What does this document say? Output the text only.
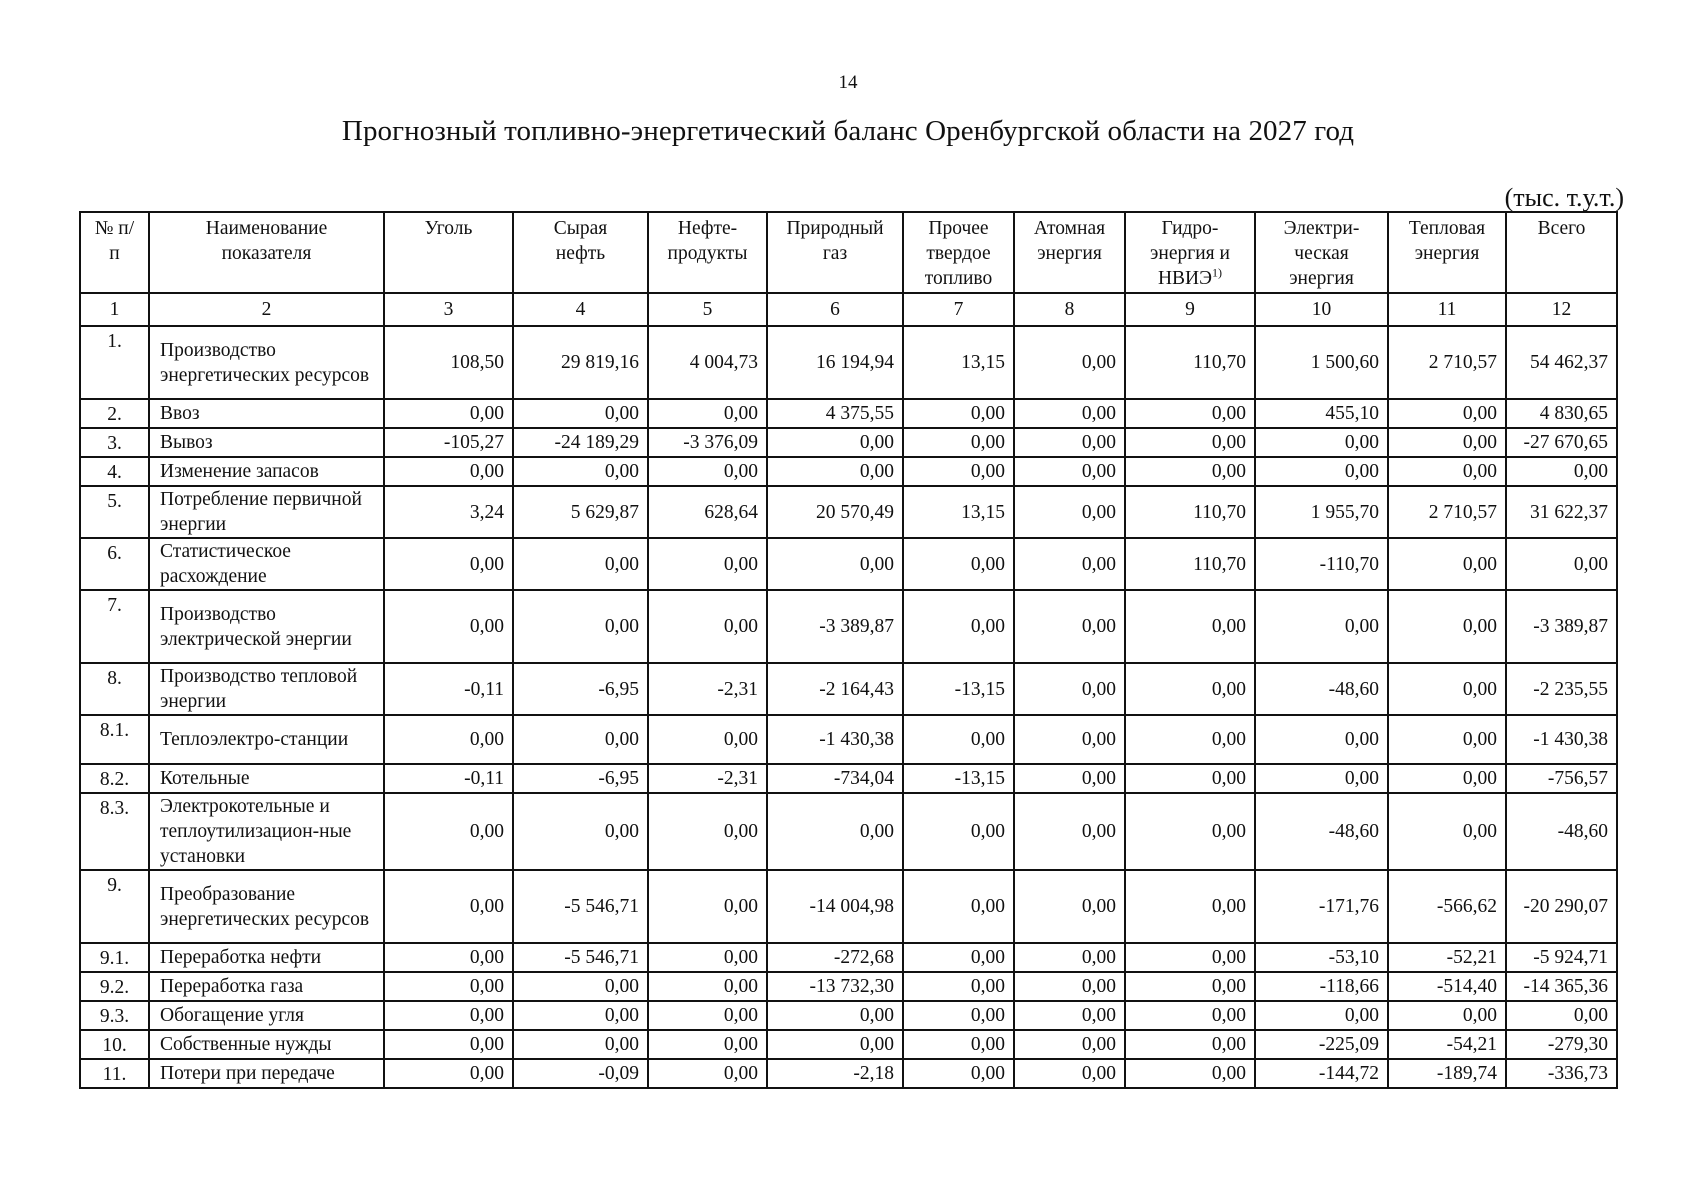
14
Прогнозный топливно-энергетический баланс Оренбургской области на 2027 год
(тыс. т.у.т.)
№ п/п	Наименование показателя	Уголь	Сырая нефть	Нефте-продукты	Природный газ	Прочее твердое топливо	Атомная энергия	Гидро-энергия и НВИЭ$^{1)}$	Электри-ческая энергия	Тепловая энергия	Всего
1	2	3	4	5	6	7	8	9	10	11	12
1.	Производство энергетических ресурсов	108,50	29 819,16	4 004,73	16 194,94	13,15	0,00	110,70	1 500,60	2 710,57	54 462,37
2.	Ввоз	0,00	0,00	0,00	4 375,55	0,00	0,00	0,00	455,10	0,00	4 830,65
3.	Вывоз	-105,27	-24 189,29	-3 376,09	0,00	0,00	0,00	0,00	0,00	0,00	-27 670,65
4.	Изменение запасов	0,00	0,00	0,00	0,00	0,00	0,00	0,00	0,00	0,00	0,00
5.	Потребление первичной энергии	3,24	5 629,87	628,64	20 570,49	13,15	0,00	110,70	1 955,70	2 710,57	31 622,37
6.	Статистическое расхождение	0,00	0,00	0,00	0,00	0,00	0,00	110,70	-110,70	0,00	0,00
7.	Производство электрической энергии	0,00	0,00	0,00	-3 389,87	0,00	0,00	0,00	0,00	0,00	-3 389,87
8.	Производство тепловой энергии	-0,11	-6,95	-2,31	-2 164,43	-13,15	0,00	0,00	-48,60	0,00	-2 235,55
8.1.	Теплоэлектро-станции	0,00	0,00	0,00	-1 430,38	0,00	0,00	0,00	0,00	0,00	-1 430,38
8.2.	Котельные	-0,11	-6,95	-2,31	-734,04	-13,15	0,00	0,00	0,00	0,00	-756,57
8.3.	Электрокотельные и теплоутилизацион-ные установки	0,00	0,00	0,00	0,00	0,00	0,00	0,00	-48,60	0,00	-48,60
9.	Преобразование энергетических ресурсов	0,00	-5 546,71	0,00	-14 004,98	0,00	0,00	0,00	-171,76	-566,62	-20 290,07
9.1.	Переработка нефти	0,00	-5 546,71	0,00	-272,68	0,00	0,00	0,00	-53,10	-52,21	-5 924,71
9.2.	Переработка газа	0,00	0,00	0,00	-13 732,30	0,00	0,00	0,00	-118,66	-514,40	-14 365,36
9.3.	Обогащение угля	0,00	0,00	0,00	0,00	0,00	0,00	0,00	0,00	0,00	0,00
10.	Собственные нужды	0,00	0,00	0,00	0,00	0,00	0,00	0,00	-225,09	-54,21	-279,30
11.	Потери при передаче	0,00	-0,09	0,00	-2,18	0,00	0,00	0,00	-144,72	-189,74	-336,73
